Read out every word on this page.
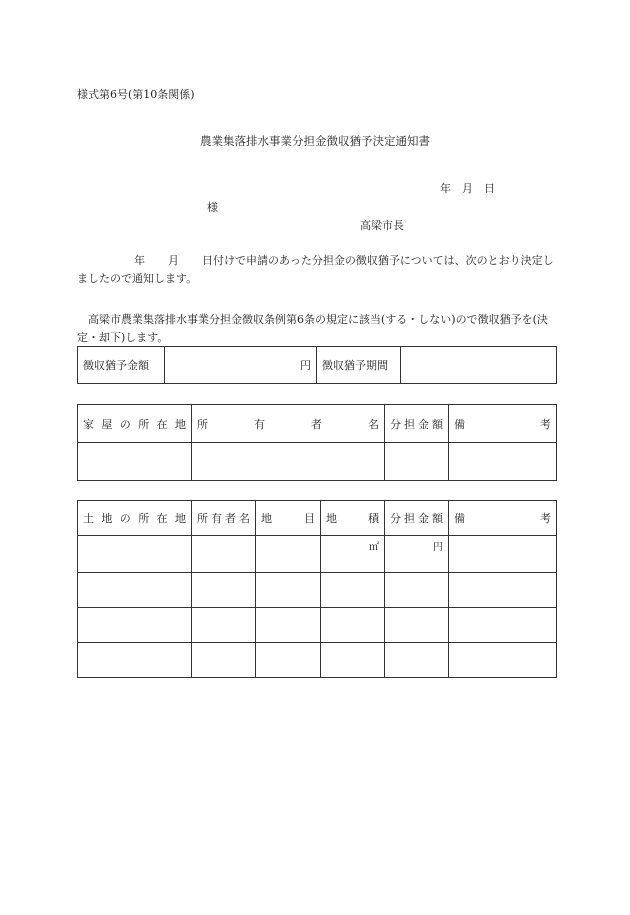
様式第6号(第10条関係)
農業集落排水事業分担金徴収猶予決定通知書
年　月　日
様
高梁市長
年 月 日付けで申請のあった分担金の徴収猶予については、次のとおり決定しましたので通知します。
高梁市農業集落排水事業分担金徴収条例第6条の規定に該当(する・しない)ので徴収猶予を(決定・却下)します。
徴収猶予金額	円	徴収猶予期間	
家屋の所在地	所有者名	分担金額	備考

土地の所在地	所有者名	地目	地積	分担金額	備考
			㎡	円	
